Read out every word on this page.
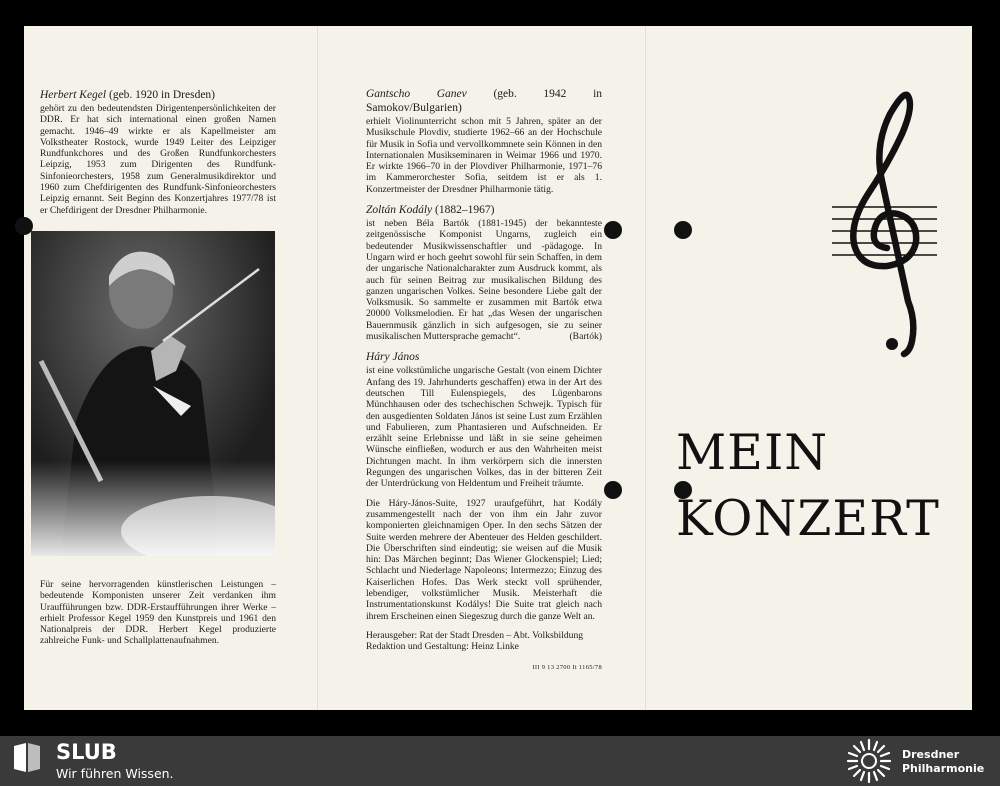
Herbert Kegel (geb. 1920 in Dresden)
gehört zu den bedeutendsten Dirigentenpersönlichkeiten der DDR. Er hat sich international einen großen Namen gemacht. 1946–49 wirkte er als Kapellmeister am Volkstheater Rostock, wurde 1949 Leiter des Leipziger Rundfunkchores und des Großen Rundfunkorchesters Leipzig, 1953 zum Dirigenten des Rundfunk-Sinfonieorchesters, 1958 zum Generalmusikdirektor und 1960 zum Chefdirigenten des Rundfunk-Sinfonieorchesters Leipzig ernannt. Seit Beginn des Konzertjahres 1977/78 ist er Chefdirigent der Dresdner Philharmonie.
Für seine hervorragenden künstlerischen Leistungen – bedeutende Komponisten unserer Zeit verdanken ihm Uraufführungen bzw. DDR-Erstaufführungen ihrer Werke – erhielt Professor Kegel 1959 den Kunstpreis und 1961 den Nationalpreis der DDR. Herbert Kegel produzierte zahlreiche Funk- und Schallplattenaufnahmen.

Gantscho Ganev (geb. 1942 in Samokov/Bulgarien)
erhielt Violinunterricht schon mit 5 Jahren, später an der Musikschule Plovdiv, studierte 1962–66 an der Hochschule für Musik in Sofia und vervollkommnete sein Können in den Internationalen Musikseminaren in Weimar 1966 und 1970. Er wirkte 1966–70 in der Plovdiver Philharmonie, 1971–76 im Kammerorchester Sofia, seitdem ist er als 1. Konzertmeister der Dresdner Philharmonie tätig.

Zoltán Kodály (1882–1967)
ist neben Béla Bartók (1881-1945) der bekannteste zeitgenössische Komponist Ungarns, zugleich ein bedeutender Musikwissenschaftler und -pädagoge. In Ungarn wird er hoch geehrt sowohl für sein Schaffen, in dem der ungarische Nationalcharakter zum Ausdruck kommt, als auch für seinen Beitrag zur musikalischen Bildung des ganzen ungarischen Volkes. Seine besondere Liebe galt der Volksmusik. So sammelte er zusammen mit Bartók etwa 20000 Volksmelodien. Er hat „das Wesen der ungarischen Bauernmusik gänzlich in sich aufgesogen, sie zu seiner musikalischen Muttersprache gemacht“.	(Bartók)

Háry János
ist eine volkstümliche ungarische Gestalt (von einem Dichter Anfang des 19. Jahrhunderts geschaffen) etwa in der Art des deutschen Till Eulenspiegels, des Lügenbarons Münchhausen oder des tschechischen Schwejk. Typisch für den ausgedienten Soldaten János ist seine Lust zum Erzählen und Fabulieren, zum Phantasieren und Aufschneiden. Er erzählt seine Erlebnisse und läßt in sie seine geheimen Wünsche einfließen, wodurch er aus den Wahrheiten meist Dichtungen macht. In ihm verkörpern sich die innersten Regungen des ungarischen Volkes, das in der bitteren Zeit der Unterdrückung von Heldentum und Freiheit träumte.

Die Háry-János-Suite, 1927 uraufgeführt, hat Kodály zusammengestellt nach der von ihm ein Jahr zuvor komponierten gleichnamigen Oper. In den sechs Sätzen der Suite werden mehrere der Abenteuer des Helden geschildert. Die Überschriften sind eindeutig; sie weisen auf die Musik hin: Das Märchen beginnt; Das Wiener Glockenspiel; Lied; Schlacht und Niederlage Napoleons; Intermezzo; Einzug des Kaiserlichen Hofes. Das Werk steckt voll sprühender, lebendiger, volkstümlicher Musik. Meisterhaft die Instrumentationskunst Kodálys! Die Suite trat gleich nach ihrem Erscheinen einen Siegeszug durch die ganze Welt an.

Herausgeber: Rat der Stadt Dresden – Abt. Volksbildung
Redaktion und Gestaltung: Heinz Linke
III 9 13 2700 It 1165/78
MEIN
KONZERT
SLUB
Wir führen Wissen.
Dresdner
Philharmonie
